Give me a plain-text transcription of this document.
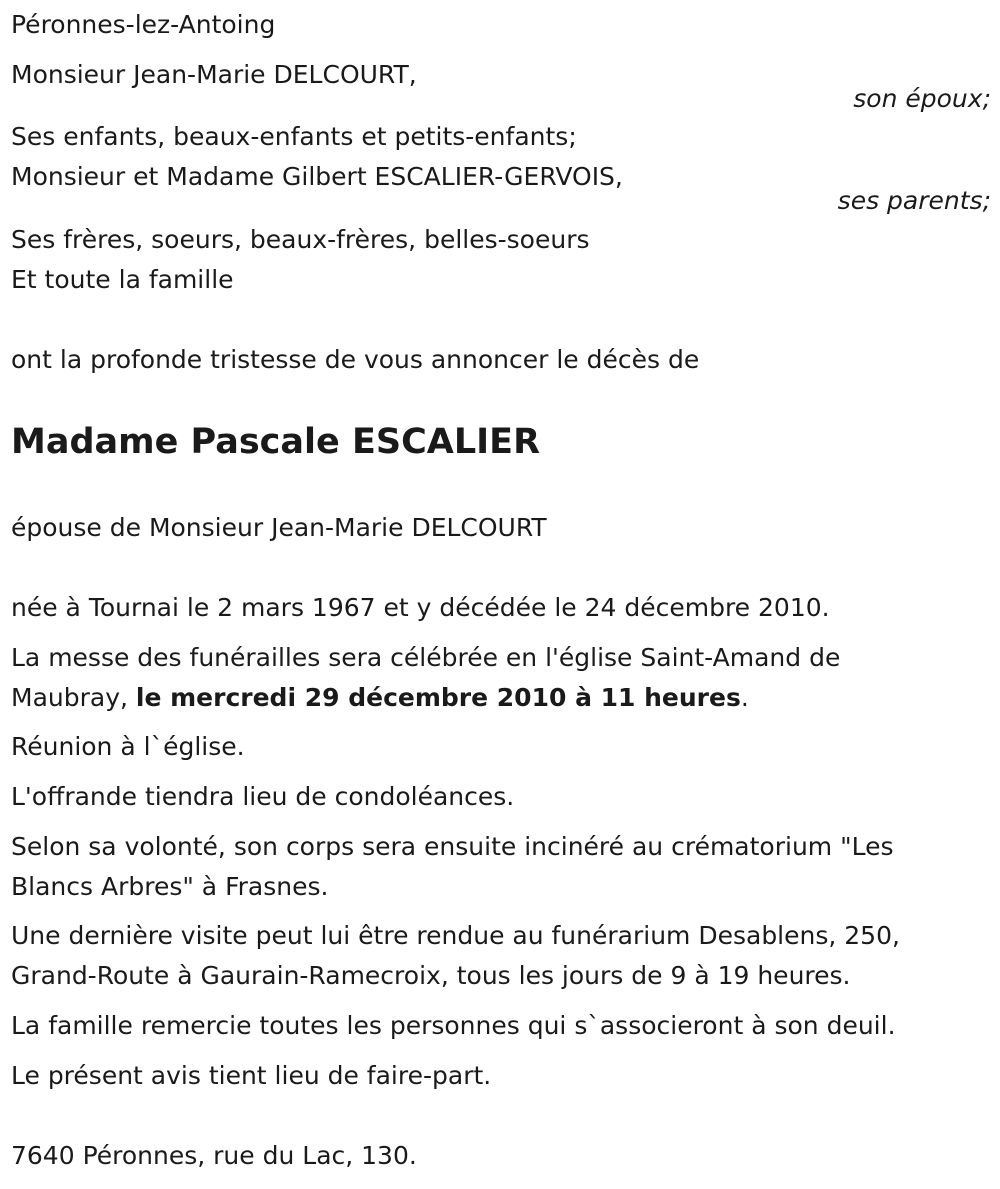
Péronnes-lez-Antoing
Monsieur Jean-Marie DELCOURT,
son époux;
Ses enfants, beaux-enfants et petits-enfants;
Monsieur et Madame Gilbert ESCALIER-GERVOIS,
ses parents;
Ses frères, soeurs, beaux-frères, belles-soeurs
Et toute la famille
ont la profonde tristesse de vous annoncer le décès de
Madame Pascale ESCALIER
épouse de Monsieur Jean-Marie DELCOURT
née à Tournai le 2 mars 1967 et y décédée le 24 décembre 2010.
La messe des funérailles sera célébrée en l'église Saint-Amand de
Maubray, le mercredi 29 décembre 2010 à 11 heures.
Réunion à l`église.
L'offrande tiendra lieu de condoléances.
Selon sa volonté, son corps sera ensuite incinéré au crématorium "Les
Blancs Arbres" à Frasnes.
Une dernière visite peut lui être rendue au funérarium Desablens, 250,
Grand-Route à Gaurain-Ramecroix, tous les jours de 9 à 19 heures.
La famille remercie toutes les personnes qui s`associeront à son deuil.
Le présent avis tient lieu de faire-part.
7640 Péronnes, rue du Lac, 130.
